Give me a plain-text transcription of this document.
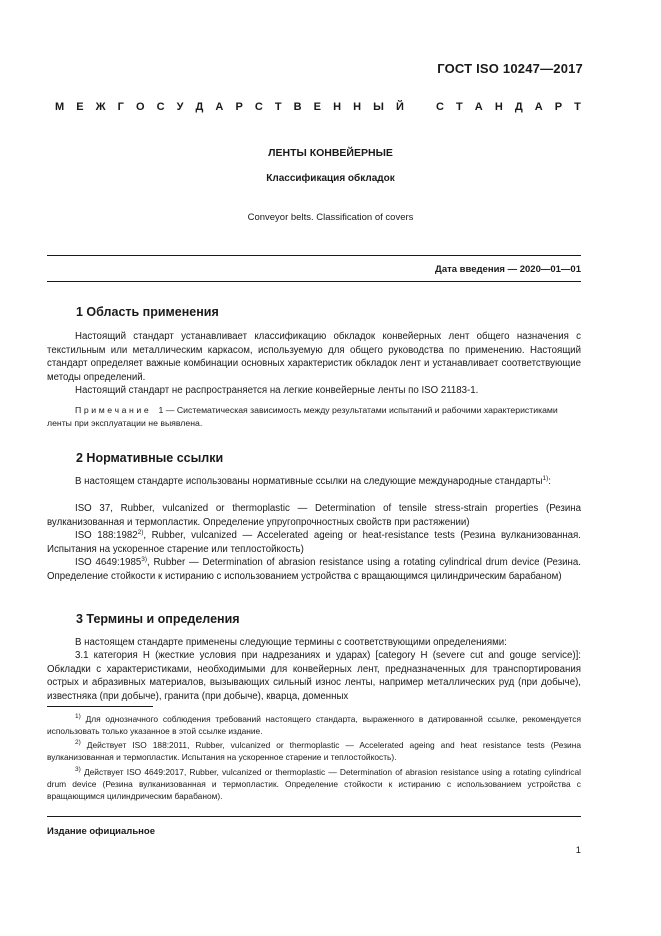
ГОСТ ISO 10247—2017
М Е Ж Г О С У Д А Р С Т В Е Н Н Ы Й	С Т А Н Д А Р Т
ЛЕНТЫ КОНВЕЙЕРНЫЕ
Классификация обкладок
Conveyor belts. Classification of covers
Дата введения — 2020—01—01
1 Область применения
Настоящий стандарт устанавливает классификацию обкладок конвейерных лент общего назначения с текстильным или металлическим каркасом, используемую для общего руководства по применению. Настоящий стандарт определяет важные комбинации основных характеристик обкладок лент и устанавливает соответствующие методы определений.
Настоящий стандарт не распространяется на легкие конвейерные ленты по ISO 21183-1.
Примечание 1 — Систематическая зависимость между результатами испытаний и рабочими характеристиками ленты при эксплуатации не выявлена.
2 Нормативные ссылки
В настоящем стандарте использованы нормативные ссылки на следующие международные стандарты$^{1)}$:
ISO 37, Rubber, vulcanized or thermoplastic — Determination of tensile stress-strain properties (Резина вулканизованная и термопластик. Определение упругопрочностных свойств при растяжении)
ISO 188:1982$^{2)}$, Rubber, vulcanized — Accelerated ageing or heat-resistance tests (Резина вулканизованная. Испытания на ускоренное старение или теплостойкость)
ISO 4649:1985$^{3)}$, Rubber — Determination of abrasion resistance using a rotating cylindrical drum device (Резина. Определение стойкости к истиранию с использованием устройства с вращающимся цилиндрическим барабаном)
3 Термины и определения
В настоящем стандарте применены следующие термины с соответствующими определениями:
3.1 категория Н (жесткие условия при надрезаниях и ударах) [category H (severe cut and gouge service)]: Обкладки с характеристиками, необходимыми для конвейерных лент, предназначенных для транспортирования острых и абразивных материалов, вызывающих сильный износ ленты, например металлических руд (при добыче), известняка (при добыче), гранита (при добыче), кварца, доменных
$^{1)}$ Для однозначного соблюдения требований настоящего стандарта, выраженного в датированной ссылке, рекомендуется использовать только указанное в этой ссылке издание.
$^{2)}$ Действует ISO 188:2011, Rubber, vulcanized or thermoplastic — Accelerated ageing and heat resistance tests (Резина вулканизованная и термопластик. Испытания на ускоренное старение и теплостойкость).
$^{3)}$ Действует ISO 4649:2017, Rubber, vulcanized or thermoplastic — Determination of abrasion resistance using a rotating cylindrical drum device (Резина вулканизованная и термопластик. Определение стойкости к истиранию с использованием устройства с вращающимся цилиндрическим барабаном).
Издание официальное
1
